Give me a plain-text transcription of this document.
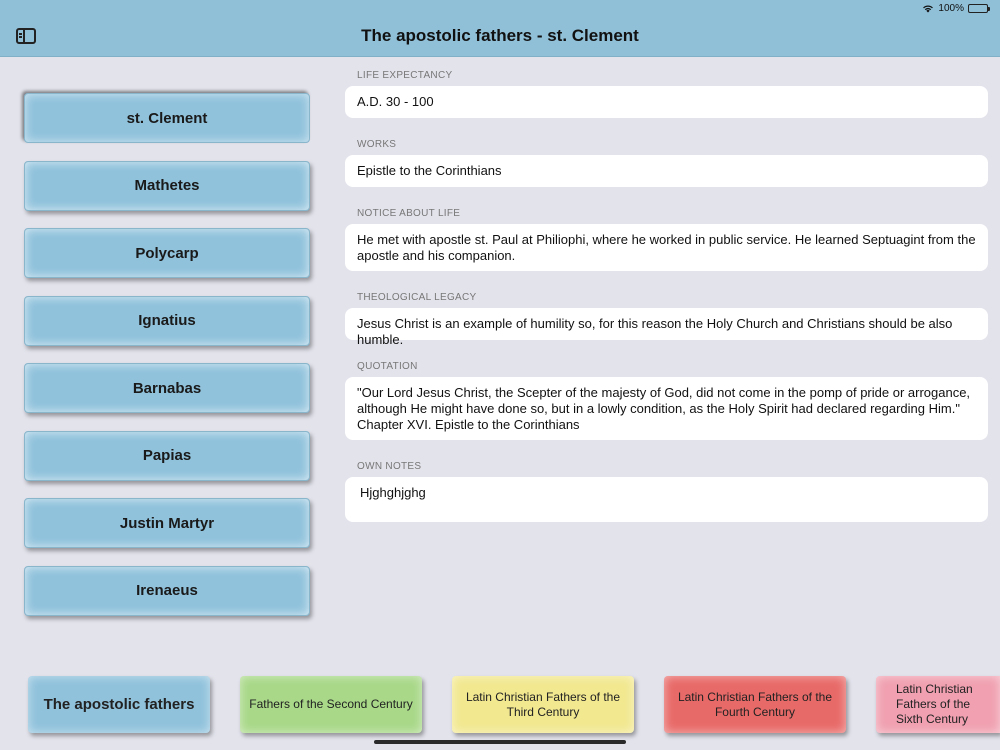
100%
The apostolic fathers - st. Clement
st. Clement
Mathetes
Polycarp
Ignatius
Barnabas
Papias
Justin Martyr
Irenaeus
LIFE EXPECTANCY
A.D. 30 - 100
WORKS
Epistle to the Corinthians
NOTICE ABOUT LIFE
He met with apostle st. Paul at Philiophi, where he worked in public service. He learned Septuagint from the apostle and his companion.
THEOLOGICAL LEGACY
Jesus Christ is an example of humility so, for this reason the Holy Church and Christians should be also humble.
QUOTATION
"Our Lord Jesus Christ, the Scepter of the majesty of God, did not come in the pomp of pride or arrogance, although He might have done so, but in a lowly condition, as the Holy Spirit had declared regarding Him." Chapter XVI. Epistle to the Corinthians
OWN NOTES
Hjghghjghg
The apostolic fathers	Fathers of the Second Century
Latin Christian Fathers of the Third Century
Latin Christian Fathers of the Fourth Century
Latin Christian Fathers of the Sixth Century
